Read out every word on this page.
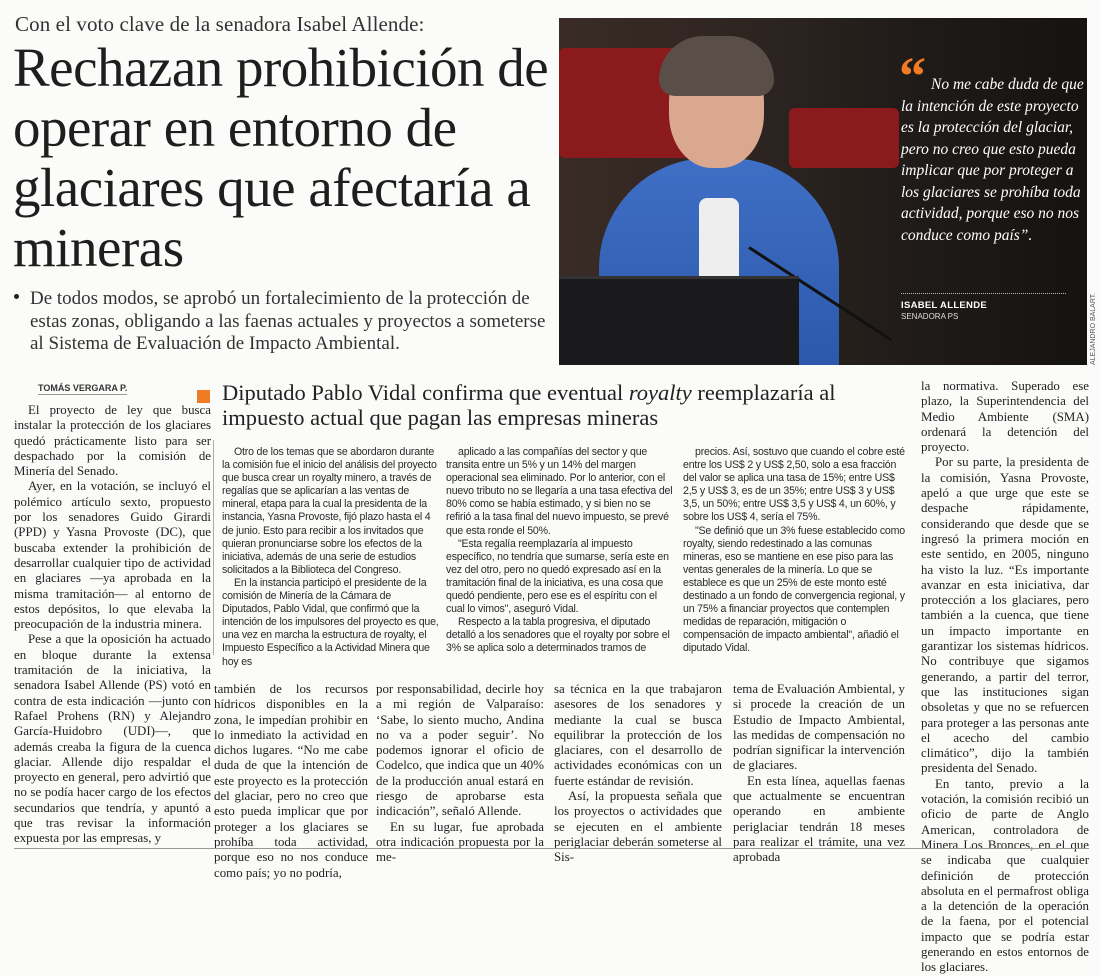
Con el voto clave de la senadora Isabel Allende:
Rechazan prohibición de operar en entorno de glaciares que afectaría a mineras
De todos modos, se aprobó un fortalecimiento de la protección de estas zonas, obligando a las faenas actuales y proyectos a someterse al Sistema de Evaluación de Impacto Ambiental.
“ No me cabe duda de que la intención de este proyecto es la protección del glaciar, pero no creo que esto pueda implicar que por proteger a los glaciares se prohíba toda actividad, porque eso no nos conduce como país”.

ISABEL ALLENDE
SENADORA PS	ALEJANDRO BALART.
TOMÁS VERGARA P.

El proyecto de ley que busca instalar la protección de los glaciares quedó prácticamente listo para ser despachado por la comisión de Minería del Senado.

Ayer, en la votación, se incluyó el polémico artículo sexto, propuesto por los senadores Guido Girardi (PPD) y Yasna Provoste (DC), que buscaba extender la prohibición de desarrollar cualquier tipo de actividad en glaciares —ya aprobada en la misma tramitación— al entorno de estos depósitos, lo que elevaba la preocupación de la industria minera.

Pese a que la oposición ha actuado en bloque durante la extensa tramitación de la iniciativa, la senadora Isabel Allende (PS) votó en contra de esta indicación —junto con Rafael Prohens (RN) y Alejandro García-Huidobro (UDI)—, que además creaba la figura de la cuenca glaciar. Allende dijo respaldar el proyecto en general, pero advirtió que no se podía hacer cargo de los efectos secundarios que tendría, y apuntó a que tras revisar la información expuesta por las empresas, y

Diputado Pablo Vidal confirma que eventual royalty reemplazaría al impuesto actual que pagan las empresas mineras

Otro de los temas que se abordaron durante la comisión fue el inicio del análisis del proyecto que busca crear un royalty minero, a través de regalías que se aplicarían a las ventas de mineral, etapa para la cual la presidenta de la instancia, Yasna Provoste, fijó plazo hasta el 4 de junio. Esto para recibir a los invitados que quieran pronunciarse sobre los efectos de la iniciativa, además de una serie de estudios solicitados a la Biblioteca del Congreso.

En la instancia participó el presidente de la comisión de Minería de la Cámara de Diputados, Pablo Vidal, que confirmó que la intención de los impulsores del proyecto es que, una vez en marcha la estructura de royalty, el Impuesto Específico a la Actividad Minera que hoy es

aplicado a las compañías del sector y que transita entre un 5% y un 14% del margen operacional sea eliminado. Por lo anterior, con el nuevo tributo no se llegaría a una tasa efectiva del 80% como se había estimado, y si bien no se refirió a la tasa final del nuevo impuesto, se prevé que esta ronde el 50%.

"Esta regalía reemplazaría al impuesto específico, no tendría que sumarse, sería este en vez del otro, pero no quedó expresado así en la tramitación final de la iniciativa, es una cosa que quedó pendiente, pero ese es el espíritu con el cual lo vimos", aseguró Vidal.

Respecto a la tabla progresiva, el diputado detalló a los senadores que el royalty por sobre el 3% se aplica solo a determinados tramos de

precios. Así, sostuvo que cuando el cobre esté entre los US$ 2 y US$ 2,50, solo a esa fracción del valor se aplica una tasa de 15%; entre US$ 2,5 y US$ 3, es de un 35%; entre US$ 3 y US$ 3,5, un 50%; entre US$ 3,5 y US$ 4, un 60%, y sobre los US$ 4, sería el 75%.

"Se definió que un 3% fuese establecido como royalty, siendo redestinado a las comunas mineras, eso se mantiene en ese piso para las ventas generales de la minería. Lo que se establece es que un 25% de este monto esté destinado a un fondo de convergencia regional, y un 75% a financiar proyectos que contemplen medidas de reparación, mitigación o compensación de impacto ambiental", añadió el diputado Vidal.

también de los recursos hídricos disponibles en la zona, le impedían prohibir en lo inmediato la actividad en dichos lugares. “No me cabe duda de que la intención de este proyecto es la protección del glaciar, pero no creo que esto pueda implicar que por proteger a los glaciares se prohíba toda actividad, porque eso no nos conduce como país; yo no podría,

por responsabilidad, decirle hoy a mi región de Valparaíso: ‘Sabe, lo siento mucho, Andina no va a poder seguir’. No podemos ignorar el oficio de Codelco, que indica que un 40% de la producción anual estará en riesgo de aprobarse esta indicación”, señaló Allende.

En su lugar, fue aprobada otra indicación propuesta por la me-

sa técnica en la que trabajaron asesores de los senadores y mediante la cual se busca equilibrar la protección de los glaciares, con el desarrollo de actividades económicas con un fuerte estándar de revisión.

Así, la propuesta señala que los proyectos o actividades que se ejecuten en el ambiente periglaciar deberán someterse al Sis-

tema de Evaluación Ambiental, y si procede la creación de un Estudio de Impacto Ambiental, las medidas de compensación no podrían significar la intervención de glaciares.

En esta línea, aquellas faenas que actualmente se encuentran operando en ambiente periglaciar tendrán 18 meses para realizar el trámite, una vez aprobada

la normativa. Superado ese plazo, la Superintendencia del Medio Ambiente (SMA) ordenará la detención del proyecto.

Por su parte, la presidenta de la comisión, Yasna Provoste, apeló a que urge que este se despache rápidamente, considerando que desde que se ingresó la primera moción en este sentido, en 2005, ninguno ha visto la luz. “Es importante avanzar en esta iniciativa, dar protección a los glaciares, pero también a la cuenca, que tiene un impacto importante en garantizar los sistemas hídricos. No contribuye que sigamos generando, a partir del terror, que las instituciones sigan obsoletas y que no se refuercen para proteger a las personas ante el acecho del cambio climático”, dijo la también presidenta del Senado.

En tanto, previo a la votación, la comisión recibió un oficio de parte de Anglo American, controladora de Minera Los Bronces, en el que se indicaba que cualquier definición de protección absoluta en el permafrost obliga a la detención de la operación de la faena, por el potencial impacto que se podría estar generando en estos entornos de los glaciares.
